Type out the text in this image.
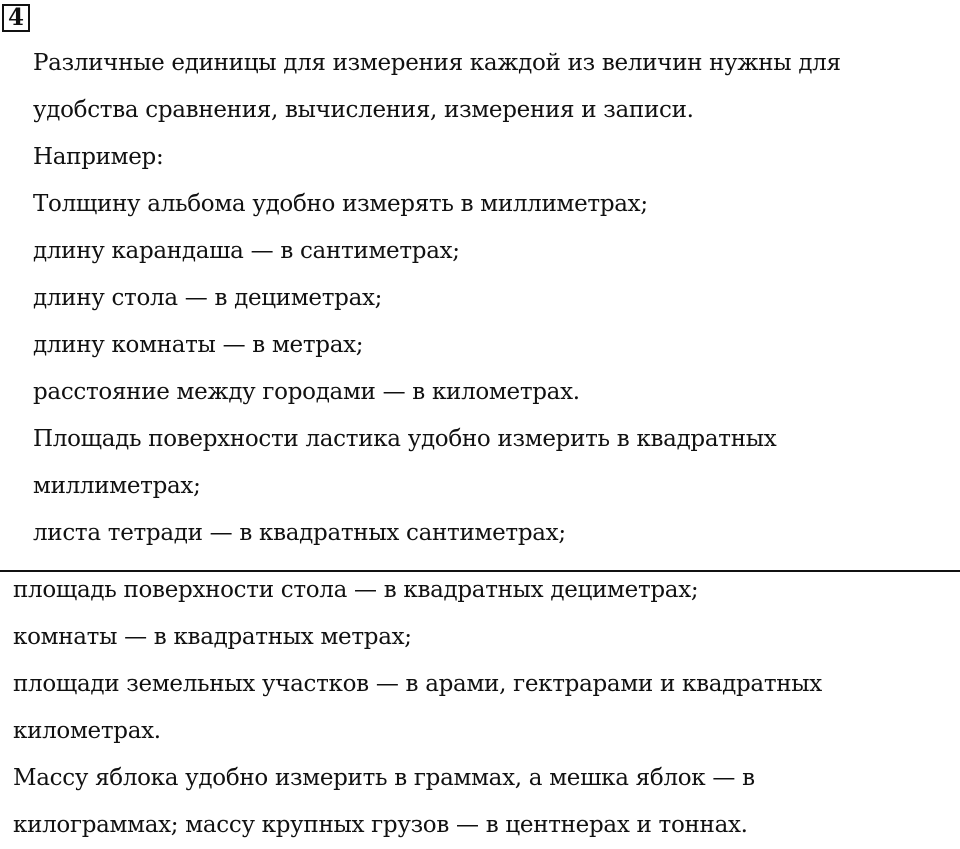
4
Различные единицы для измерения каждой из величин нужны для
удобства сравнения, вычисления, измерения и записи.
Например:
Толщину альбома удобно измерять в миллиметрах;
длину карандаша — в сантиметрах;
длину стола — в дециметрах;
длину комнаты — в метрах;
расстояние между городами — в километрах.
Площадь поверхности ластика удобно измерить в квадратных
миллиметрах;
листа тетради — в квадратных сантиметрах;
площадь поверхности стола — в квадратных дециметрах;
комнаты — в квадратных метрах;
площади земельных участков — в арами, гектрарами и квадратных
километрах.
Массу яблока удобно измерить в граммах, а мешка яблок — в
килограммах; массу крупных грузов — в центнерах и тоннах.
